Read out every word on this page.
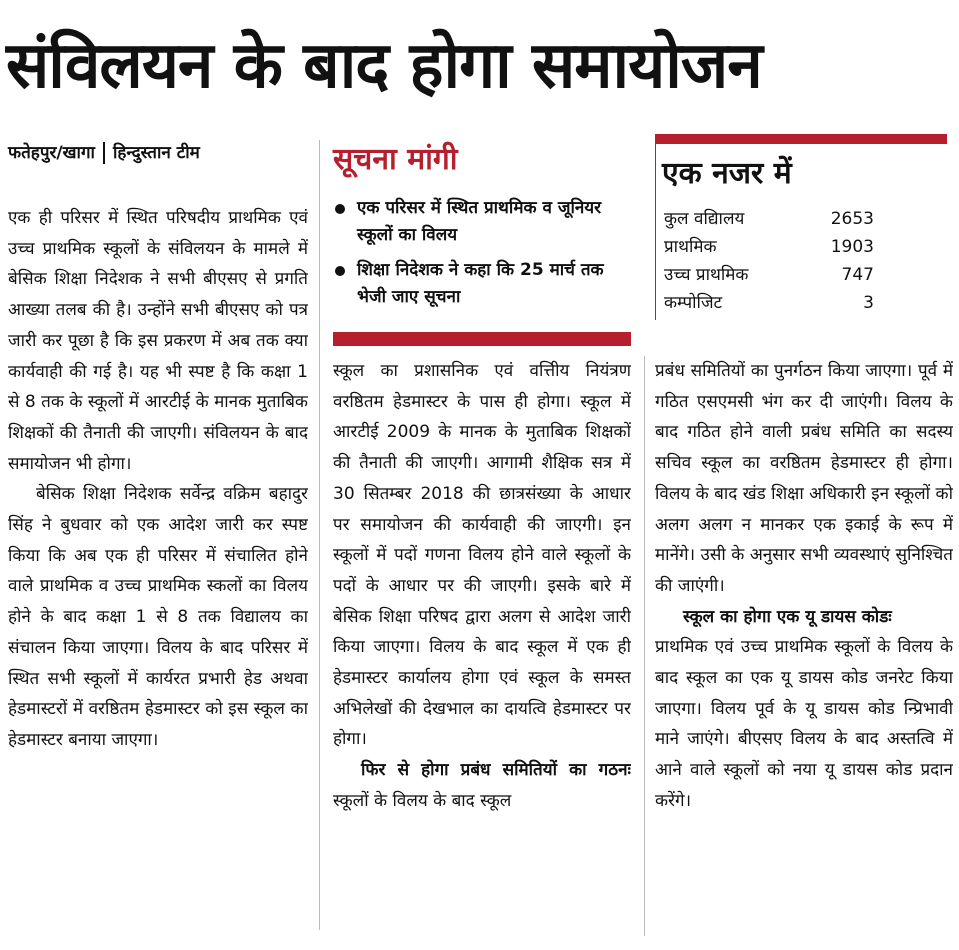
संविलयन के बाद होगा समायोजन
फतेहपुर/खागा हिन्दुस्तान टीम

एक ही परिसर में स्थित परिषदीय प्राथमिक एवं उच्च प्राथमिक स्कूलों के संविलयन के मामले में बेसिक शिक्षा निदेशक ने सभी बीएसए से प्रगति आख्या तलब की है। उन्होंने सभी बीएसए को पत्र जारी कर पूछा है कि इस प्रकरण में अब तक क्या कार्यवाही की गई है। यह भी स्पष्ट है कि कक्षा 1 से 8 तक के स्कूलों में आरटीई के मानक मुताबिक शिक्षकों की तैनाती की जाएगी। संविलयन के बाद समायोजन भी होगा।

बेसिक शिक्षा निदेशक सर्वेन्द्र वक्रिम बहादुर सिंह ने बुधवार को एक आदेश जारी कर स्पष्ट किया कि अब एक ही परिसर में संचालित होने वाले प्राथमिक व उच्च प्राथमिक स्कलों का विलय होने के बाद कक्षा 1 से 8 तक विद्यालय का संचालन किया जाएगा। विलय के बाद परिसर में स्थित सभी स्कूलों में कार्यरत प्रभारी हेड अथवा हेडमास्टरों में वरष्ठितम हेडमास्टर को इस स्कूल का हेडमास्टर बनाया जाएगा।

सूचना मांगी
एक परिसर में स्थित प्राथमिक व जूनियर स्कूलों का विलय
शिक्षा निदेशक ने कहा कि 25 मार्च तक भेजी जाए सूचना
एक नजर में
कुल वद्यिालय	2653
प्राथमिक	1903
उच्च प्राथमिक	747
कम्पोजिट	3

स्कूल का प्रशासनिक एवं वत्तिीय नियंत्रण वरष्ठितम हेडमास्टर के पास ही होगा। स्कूल में आरटीई 2009 के मानक के मुताबिक शिक्षकों की तैनाती की जाएगी। आगामी शैक्षिक सत्र में 30 सितम्बर 2018 की छात्रसंख्या के आधार पर समायोजन की कार्यवाही की जाएगी। इन स्कूलों में पदों गणना विलय होने वाले स्कूलों के पदों के आधार पर की जाएगी। इसके बारे में बेसिक शिक्षा परिषद द्वारा अलग से आदेश जारी किया जाएगा। विलय के बाद स्कूल में एक ही हेडमास्टर कार्यालय होगा एवं स्कूल के समस्त अभिलेखों की देखभाल का दायत्वि हेडमास्टर पर होगा।

फिर से होगा प्रबंध समितियों का गठनः स्कूलों के विलय के बाद स्कूल

प्रबंध समितियों का पुनर्गठन किया जाएगा। पूर्व में गठित एसएमसी भंग कर दी जाएंगी। विलय के बाद गठित होने वाली प्रबंध समिति का सदस्य सचिव स्कूल का वरष्ठितम हेडमास्टर ही होगा। विलय के बाद खंड शिक्षा अधिकारी इन स्कूलों को अलग अलग न मानकर एक इकाई के रूप में मानेंगे। उसी के अनुसार सभी व्यवस्थाएं सुनिश्चित की जाएंगी।

स्कूल का होगा एक यू डायस कोडः

प्राथमिक एवं उच्च प्राथमिक स्कूलों के विलय के बाद स्कूल का एक यू डायस कोड जनरेट किया जाएगा। विलय पूर्व के यू डायस कोड न्प्रिभावी माने जाएंगे। बीएसए विलय के बाद अस्तत्वि में आने वाले स्कूलों को नया यू डायस कोड प्रदान करेंगे।
